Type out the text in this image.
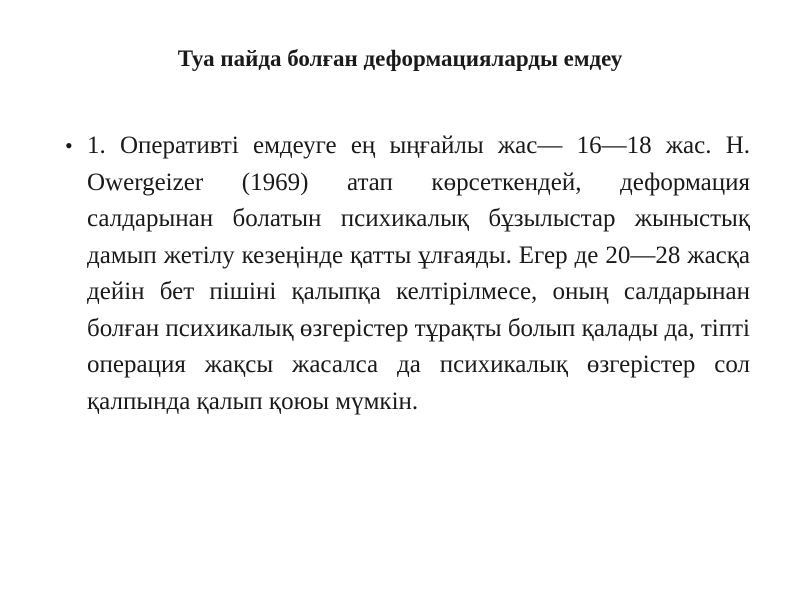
Туа пайда болған деформацияларды емдеу
• 1. Оперативті емдеуге ең ыңғайлы жас— 16—18 жас. Н. Owergeizer (1969) атап көрсеткендей, деформация салдарынан болатын психикалық бұзылыстар жыныстық дамып жетілу кезеңінде қатты ұлғаяды. Егер де 20—28 жасқа дейін бет пішіні қалыпқа келтірілмесе, оның салдарынан болған психикалық өзгерістер тұрақты болып қалады да, тіпті операция жақсы жасалса да психикалық өзгерістер сол қалпында қалып қоюы мүмкін.
